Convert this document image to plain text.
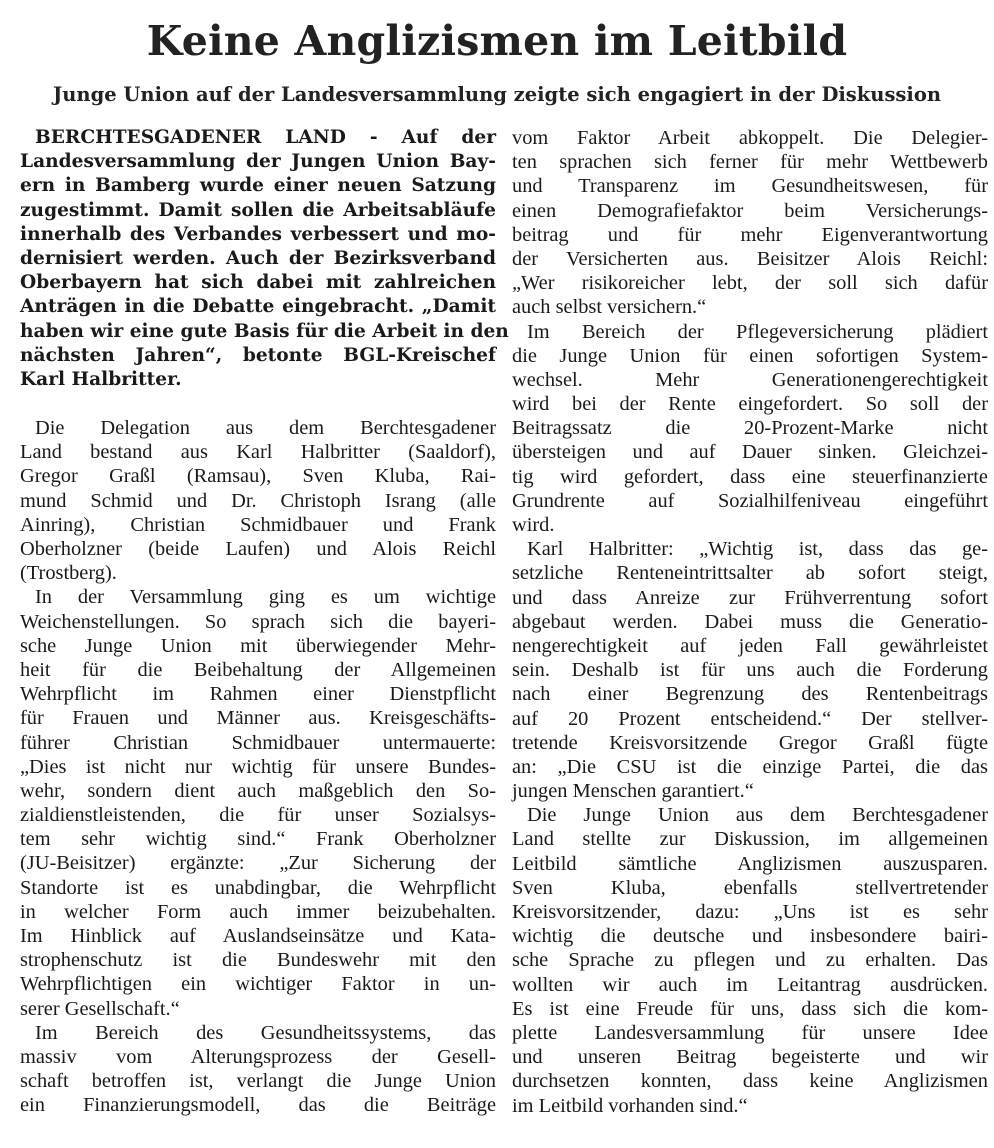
Keine Anglizismen im Leitbild
Junge Union auf der Landesversammlung zeigte sich engagiert in der Diskussion
BERCHTESGADENER LAND - Auf der
Landesversammlung der Jungen Union Bay-
ern in Bamberg wurde einer neuen Satzung
zugestimmt. Damit sollen die Arbeitsabläufe
innerhalb des Verbandes verbessert und mo-
dernisiert werden. Auch der Bezirksverband
Oberbayern hat sich dabei mit zahlreichen
Anträgen in die Debatte eingebracht. „Damit
haben wir eine gute Basis für die Arbeit in den
nächsten Jahren“, betonte BGL-Kreischef
Karl Halbritter.
Die Delegation aus dem Berchtesgadener
Land bestand aus Karl Halbritter (Saaldorf),
Gregor Graßl (Ramsau), Sven Kluba, Rai-
mund Schmid und Dr. Christoph Israng (alle
Ainring), Christian Schmidbauer und Frank
Oberholzner (beide Laufen) und Alois Reichl
(Trostberg).
In der Versammlung ging es um wichtige
Weichenstellungen. So sprach sich die bayeri-
sche Junge Union mit überwiegender Mehr-
heit für die Beibehaltung der Allgemeinen
Wehrpflicht im Rahmen einer Dienstpflicht
für Frauen und Männer aus. Kreisgeschäfts-
führer Christian Schmidbauer untermauerte:
„Dies ist nicht nur wichtig für unsere Bundes-
wehr, sondern dient auch maßgeblich den So-
zialdienstleistenden, die für unser Sozialsys-
tem sehr wichtig sind.“ Frank Oberholzner
(JU-Beisitzer) ergänzte: „Zur Sicherung der
Standorte ist es unabdingbar, die Wehrpflicht
in welcher Form auch immer beizubehalten.
Im Hinblick auf Auslandseinsätze und Kata-
strophenschutz ist die Bundeswehr mit den
Wehrpflichtigen ein wichtiger Faktor in un-
serer Gesellschaft.“
Im Bereich des Gesundheitssystems, das
massiv vom Alterungsprozess der Gesell-
schaft betroffen ist, verlangt die Junge Union
ein Finanzierungsmodell, das die Beiträge
vom Faktor Arbeit abkoppelt. Die Delegier-
ten sprachen sich ferner für mehr Wettbewerb
und Transparenz im Gesundheitswesen, für
einen Demografiefaktor beim Versicherungs-
beitrag und für mehr Eigenverantwortung
der Versicherten aus. Beisitzer Alois Reichl:
„Wer risikoreicher lebt, der soll sich dafür
auch selbst versichern.“
Im Bereich der Pflegeversicherung plädiert
die Junge Union für einen sofortigen System-
wechsel. Mehr Generationengerechtigkeit
wird bei der Rente eingefordert. So soll der
Beitragssatz die 20-Prozent-Marke nicht
übersteigen und auf Dauer sinken. Gleichzei-
tig wird gefordert, dass eine steuerfinanzierte
Grundrente auf Sozialhilfeniveau eingeführt
wird.
Karl Halbritter: „Wichtig ist, dass das ge-
setzliche Renteneintrittsalter ab sofort steigt,
und dass Anreize zur Frühverrentung sofort
abgebaut werden. Dabei muss die Generatio-
nengerechtigkeit auf jeden Fall gewährleistet
sein. Deshalb ist für uns auch die Forderung
nach einer Begrenzung des Rentenbeitrags
auf 20 Prozent entscheidend.“ Der stellver-
tretende Kreisvorsitzende Gregor Graßl fügte
an: „Die CSU ist die einzige Partei, die das
jungen Menschen garantiert.“
Die Junge Union aus dem Berchtesgadener
Land stellte zur Diskussion, im allgemeinen
Leitbild sämtliche Anglizismen auszusparen.
Sven Kluba, ebenfalls stellvertretender
Kreisvorsitzender, dazu: „Uns ist es sehr
wichtig die deutsche und insbesondere bairi-
sche Sprache zu pflegen und zu erhalten. Das
wollten wir auch im Leitantrag ausdrücken.
Es ist eine Freude für uns, dass sich die kom-
plette Landesversammlung für unsere Idee
und unseren Beitrag begeisterte und wir
durchsetzen konnten, dass keine Anglizismen
im Leitbild vorhanden sind.“
